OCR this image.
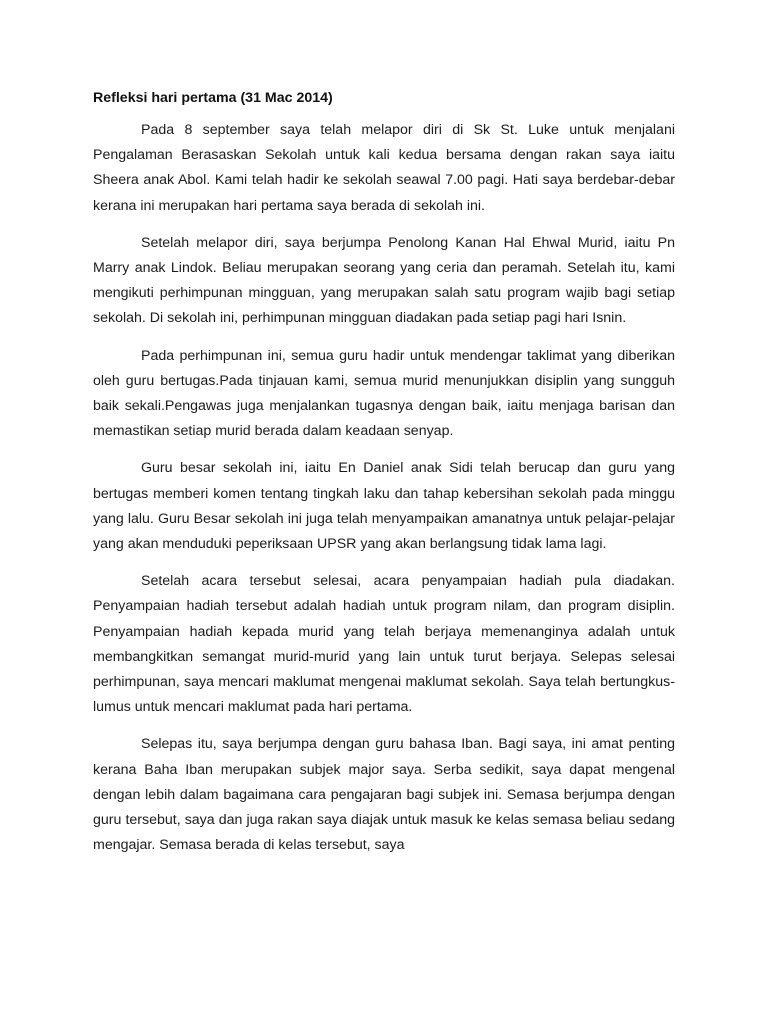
Refleksi hari pertama (31 Mac 2014)

Pada 8 september saya telah melapor diri di Sk St. Luke untuk menjalani Pengalaman Berasaskan Sekolah untuk kali kedua bersama dengan rakan saya iaitu Sheera anak Abol. Kami telah hadir ke sekolah seawal 7.00 pagi. Hati saya berdebar-debar kerana ini merupakan hari pertama saya berada di sekolah ini.

Setelah melapor diri, saya berjumpa Penolong Kanan Hal Ehwal Murid, iaitu Pn Marry anak Lindok. Beliau merupakan seorang yang ceria dan peramah. Setelah itu, kami mengikuti perhimpunan mingguan, yang merupakan salah satu program wajib bagi setiap sekolah. Di sekolah ini, perhimpunan mingguan diadakan pada setiap pagi hari Isnin.

Pada perhimpunan ini, semua guru hadir untuk mendengar taklimat yang diberikan oleh guru bertugas.Pada tinjauan kami, semua murid menunjukkan disiplin yang sungguh baik sekali.Pengawas juga menjalankan tugasnya dengan baik, iaitu menjaga barisan dan memastikan setiap murid berada dalam keadaan senyap.

Guru besar sekolah ini, iaitu En Daniel anak Sidi telah berucap dan guru yang bertugas memberi komen tentang tingkah laku dan tahap kebersihan sekolah pada minggu yang lalu. Guru Besar sekolah ini juga telah menyampaikan amanatnya untuk pelajar-pelajar yang akan menduduki peperiksaan UPSR yang akan berlangsung tidak lama lagi.

Setelah acara tersebut selesai, acara penyampaian hadiah pula diadakan. Penyampaian hadiah tersebut adalah hadiah untuk program nilam, dan program disiplin. Penyampaian hadiah kepada murid yang telah berjaya memenanginya adalah untuk membangkitkan semangat murid-murid yang lain untuk turut berjaya. Selepas selesai perhimpunan, saya mencari maklumat mengenai maklumat sekolah. Saya telah bertungkus-lumus untuk mencari maklumat pada hari pertama.

Selepas itu, saya berjumpa dengan guru bahasa Iban. Bagi saya, ini amat penting kerana Baha Iban merupakan subjek major saya. Serba sedikit, saya dapat mengenal dengan lebih dalam bagaimana cara pengajaran bagi subjek ini. Semasa berjumpa dengan guru tersebut, saya dan juga rakan saya diajak untuk masuk ke kelas semasa beliau sedang mengajar. Semasa berada di kelas tersebut, saya
